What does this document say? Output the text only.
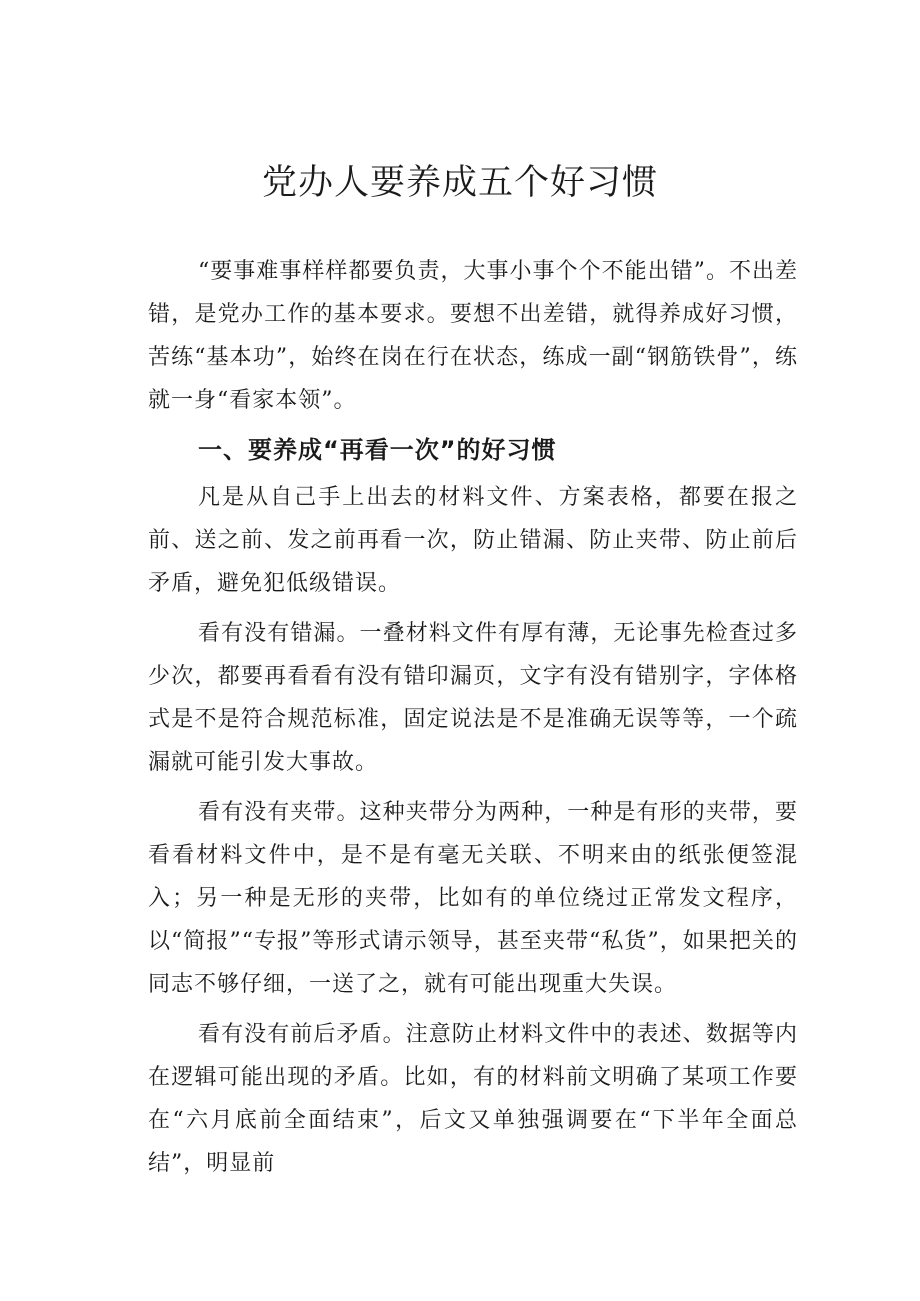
党办人要养成五个好习惯

“要事难事样样都要负责，大事小事个个不能出错”。不出差错，是党办工作的基本要求。要想不出差错，就得养成好习惯，苦练“基本功”，始终在岗在行在状态，练成一副“钢筋铁骨”，练就一身“看家本领”。

一、要养成“再看一次”的好习惯

凡是从自己手上出去的材料文件、方案表格，都要在报之前、送之前、发之前再看一次，防止错漏、防止夹带、防止前后矛盾，避免犯低级错误。

看有没有错漏。一叠材料文件有厚有薄，无论事先检查过多少次，都要再看看有没有错印漏页，文字有没有错别字，字体格式是不是符合规范标准，固定说法是不是准确无误等等，一个疏漏就可能引发大事故。

看有没有夹带。这种夹带分为两种，一种是有形的夹带，要看看材料文件中，是不是有毫无关联、不明来由的纸张便签混入；另一种是无形的夹带，比如有的单位绕过正常发文程序，以“简报”“专报”等形式请示领导，甚至夹带“私货”，如果把关的同志不够仔细，一送了之，就有可能出现重大失误。

看有没有前后矛盾。注意防止材料文件中的表述、数据等内在逻辑可能出现的矛盾。比如，有的材料前文明确了某项工作要在“六月底前全面结束”，后文又单独强调要在“下半年全面总结”，明显前
